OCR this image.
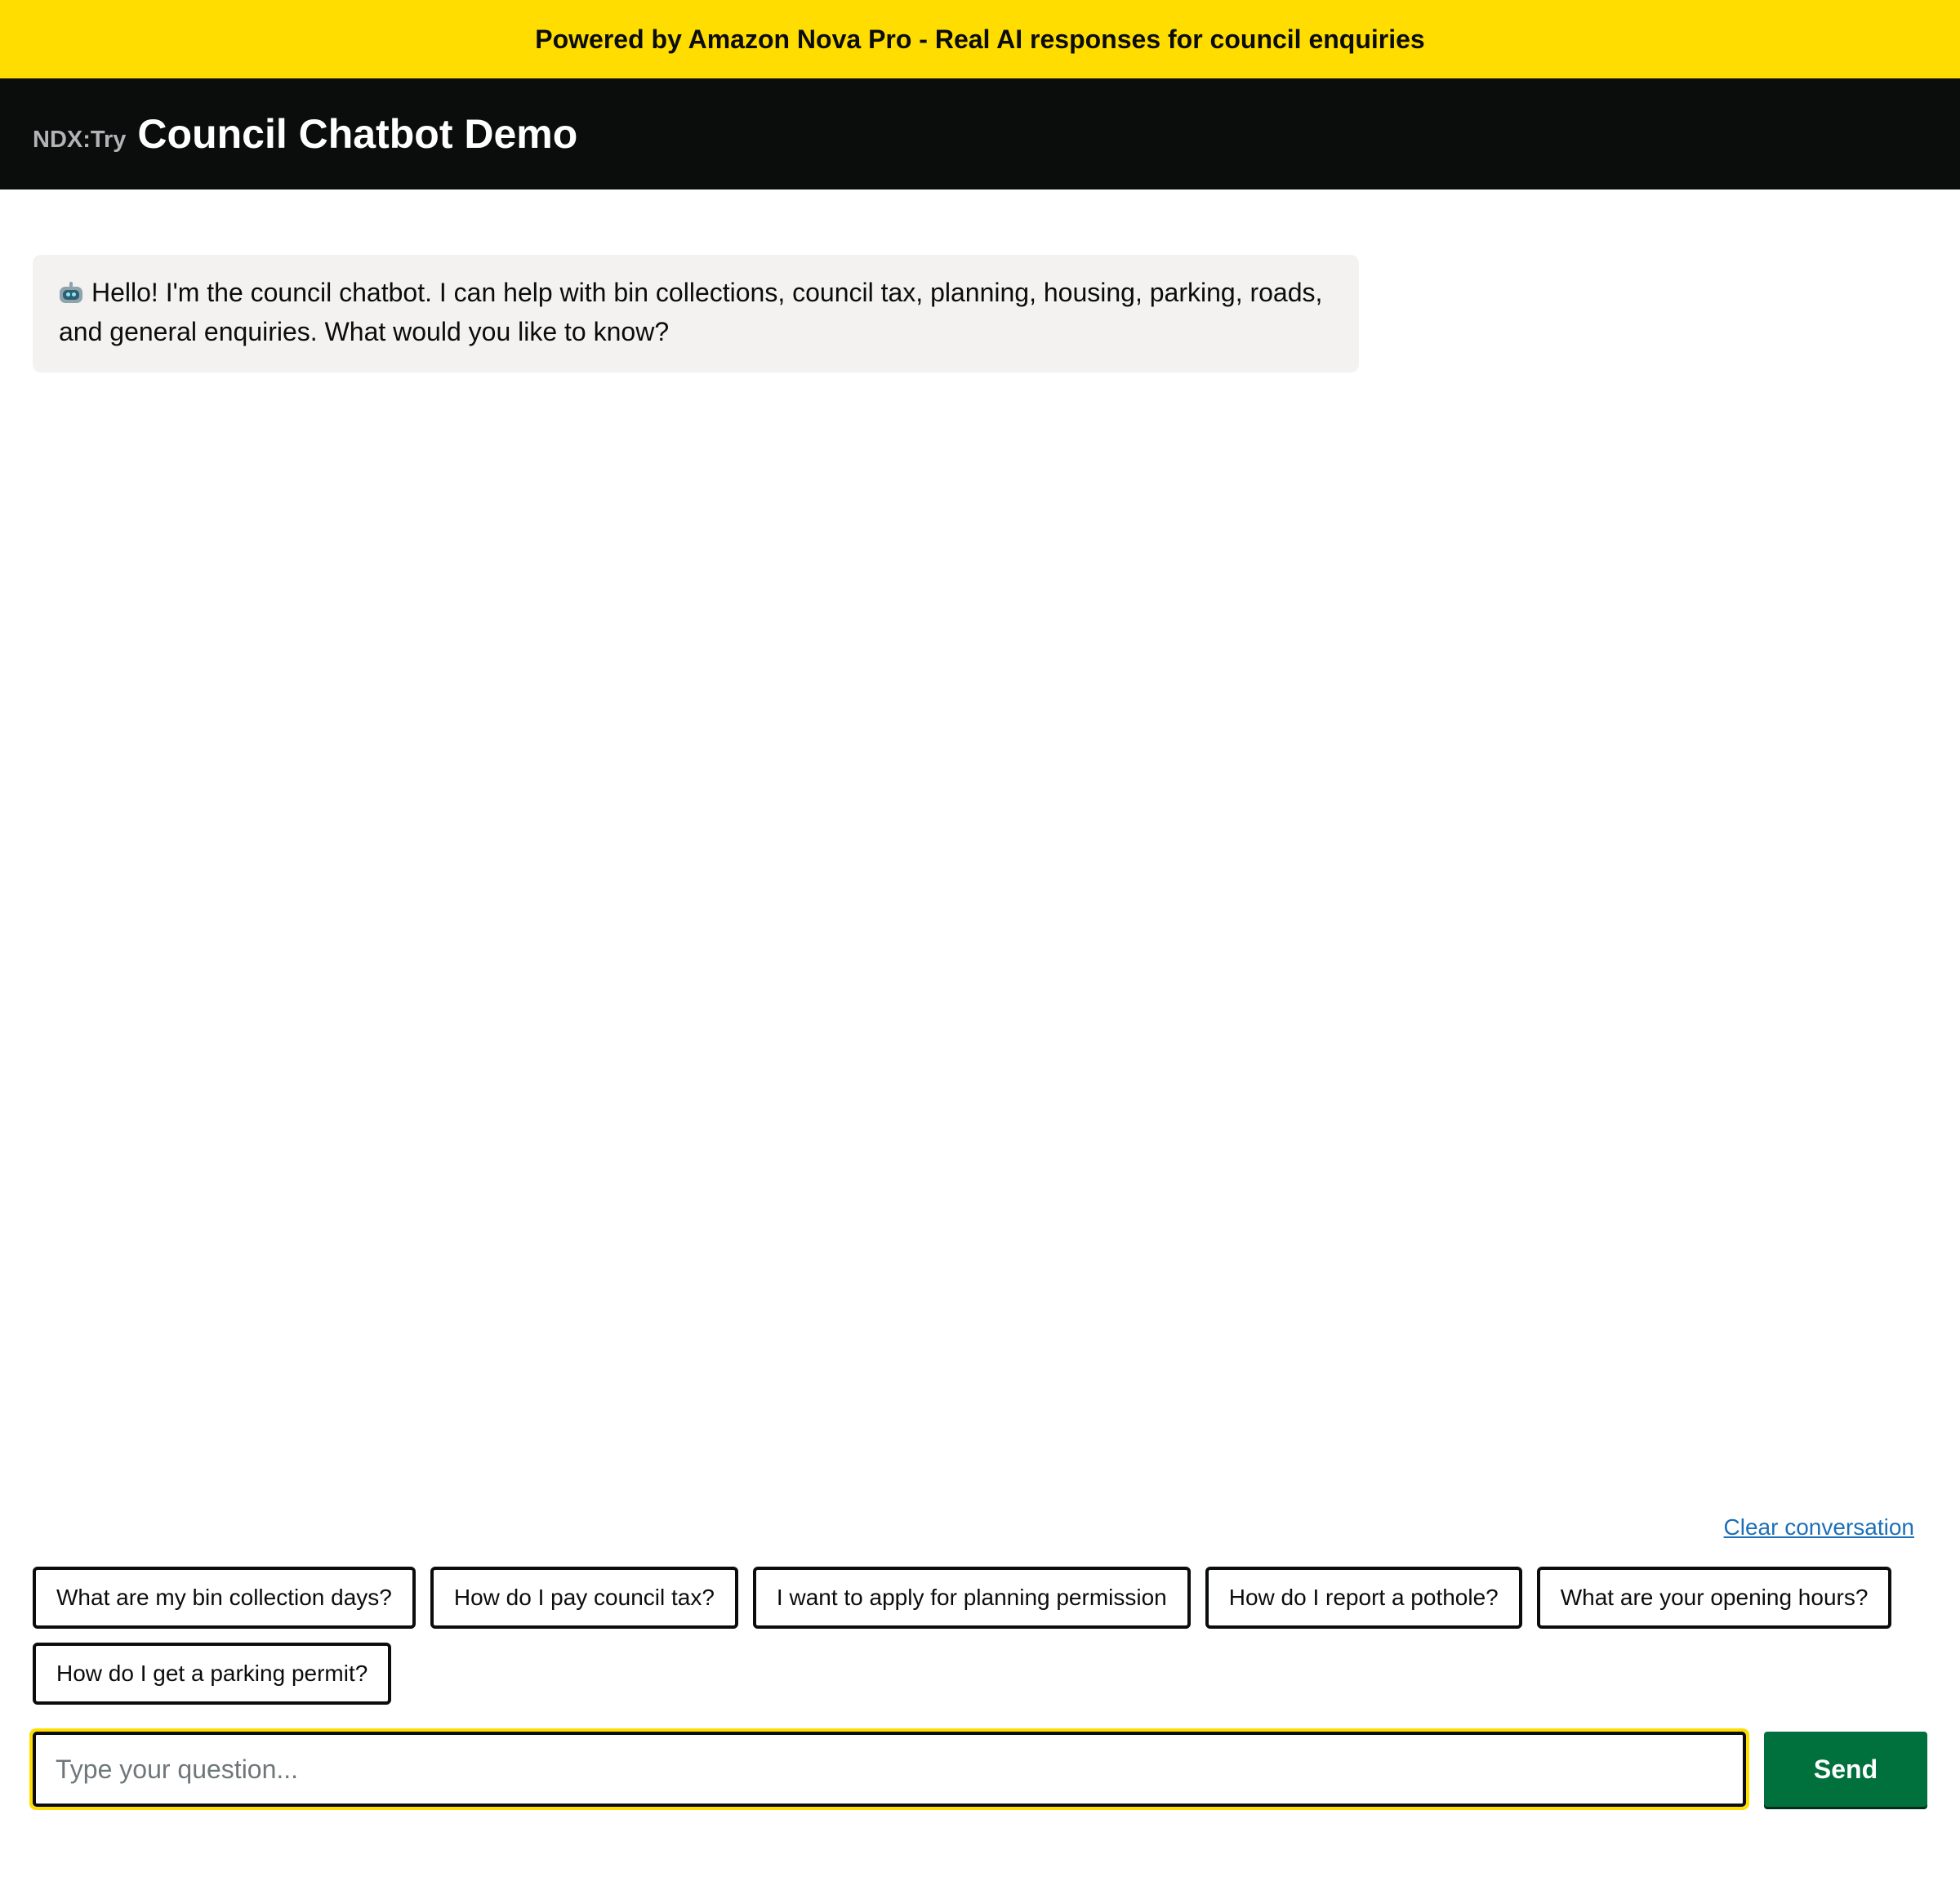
Powered by Amazon Nova Pro - Real AI responses for council enquiries
NDX:Try Council Chatbot Demo
Hello! I'm the council chatbot. I can help with bin collections, council tax, planning, housing, parking, roads, and general enquiries. What would you like to know?
Clear conversation
What are my bin collection days?	How do I pay council tax?	I want to apply for planning permission	How do I report a pothole?	What are your opening hours?
How do I get a parking permit?
Type your question...
Send
